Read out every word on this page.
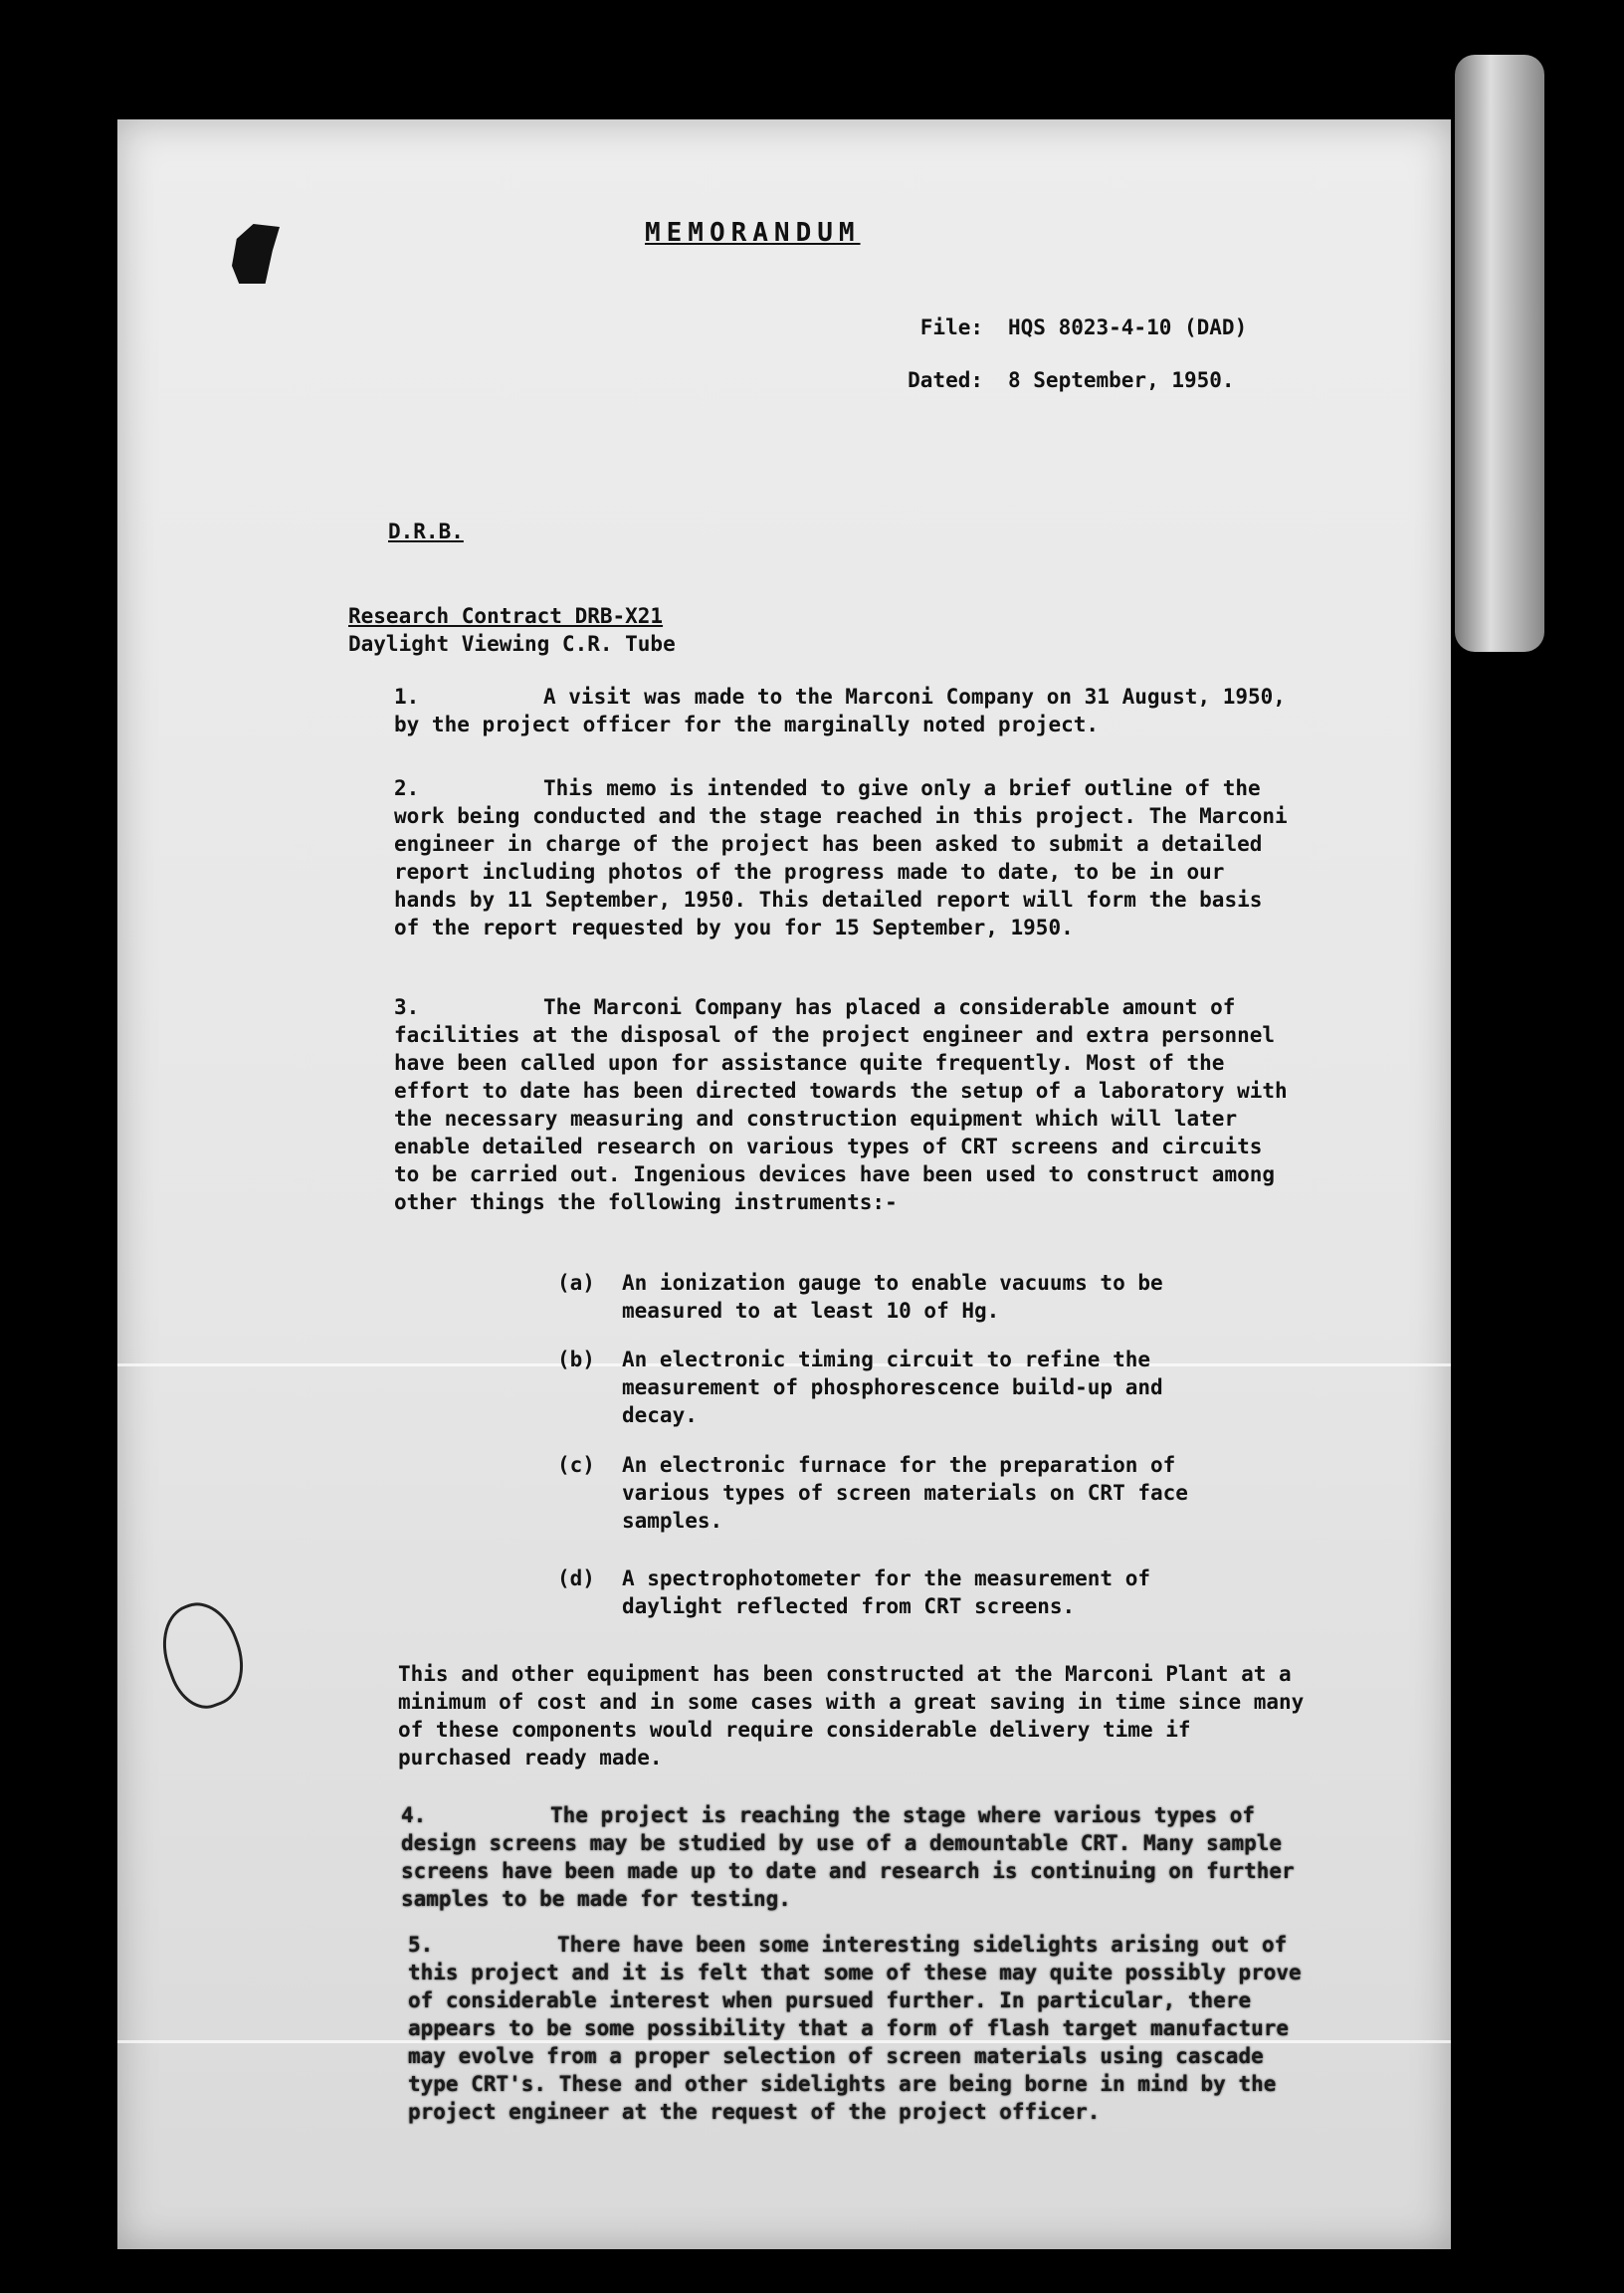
MEMORANDUM
File: HQS 8023-4-10 (DAD)
Dated: 8 September, 1950.
D.R.B.
Research Contract DRB-X21
Daylight Viewing C.R. Tube
1.	A visit was made to the Marconi Company on 31 August, 1950, by the project officer for the marginally noted project.
2.	This memo is intended to give only a brief outline of the work being conducted and the stage reached in this project. The Marconi engineer in charge of the project has been asked to submit a detailed report including photos of the progress made to date, to be in our hands by 11 September, 1950. This detailed report will form the basis of the report requested by you for 15 September, 1950.
3.	The Marconi Company has placed a considerable amount of facilities at the disposal of the project engineer and extra personnel have been called upon for assistance quite frequently. Most of the effort to date has been directed towards the setup of a laboratory with the necessary measuring and construction equipment which will later enable detailed research on various types of CRT screens and circuits to be carried out. Ingenious devices have been used to construct among other things the following instruments:-
(a)	An ionization gauge to enable vacuums to be measured to at least 10 of Hg.
(b)	An electronic timing circuit to refine the measurement of phosphorescence build-up and decay.
(c)	An electronic furnace for the preparation of various types of screen materials on CRT face samples.
(d)	A spectrophotometer for the measurement of daylight reflected from CRT screens.
This and other equipment has been constructed at the Marconi Plant at a minimum of cost and in some cases with a great saving in time since many of these components would require considerable delivery time if purchased ready made.
4.	The project is reaching the stage where various types of design screens may be studied by use of a demountable CRT. Many sample screens have been made up to date and research is continuing on further samples to be made for testing.
5.	There have been some interesting sidelights arising out of this project and it is felt that some of these may quite possibly prove of considerable interest when pursued further. In particular, there appears to be some possibility that a form of flash target manufacture may evolve from a proper selection of screen materials using cascade type CRT's. These and other sidelights are being borne in mind by the project engineer at the request of the project officer.
